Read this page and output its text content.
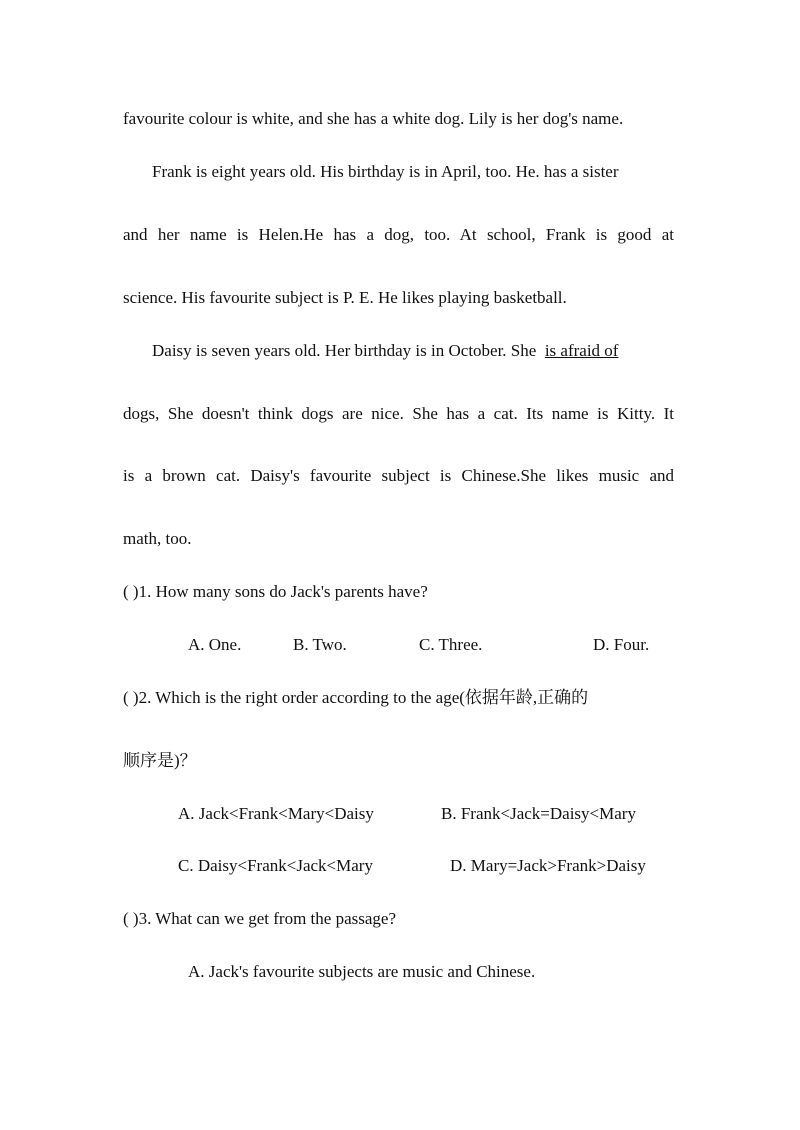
favourite colour is white, and she has a white dog. Lily is her dog's name.
Frank is eight years old. His birthday is in April, too. He. has a sister
and her name is Helen.He has a dog, too. At school, Frank is good at
science. His favourite subject is P. E. He likes playing basketball.
Daisy is seven years old. Her birthday is in October. She is afraid of
dogs, She doesn't think dogs are nice. She has a cat. Its name is Kitty. It
is a brown cat. Daisy's favourite subject is Chinese.She likes music and
math, too.
( )1. How many sons do Jack's parents have?
A. One.	B. Two.	C. Three.	D. Four.
( )2. Which is the right order according to the age(依据年龄,正确的
顺序是)？
A. Jack<Frank<Mary<Daisy	B. Frank<Jack=Daisy<Mary
C. Daisy<Frank<Jack<Mary	D. Mary=Jack>Frank>Daisy
( )3. What can we get from the passage?
A. Jack's favourite subjects are music and Chinese.
